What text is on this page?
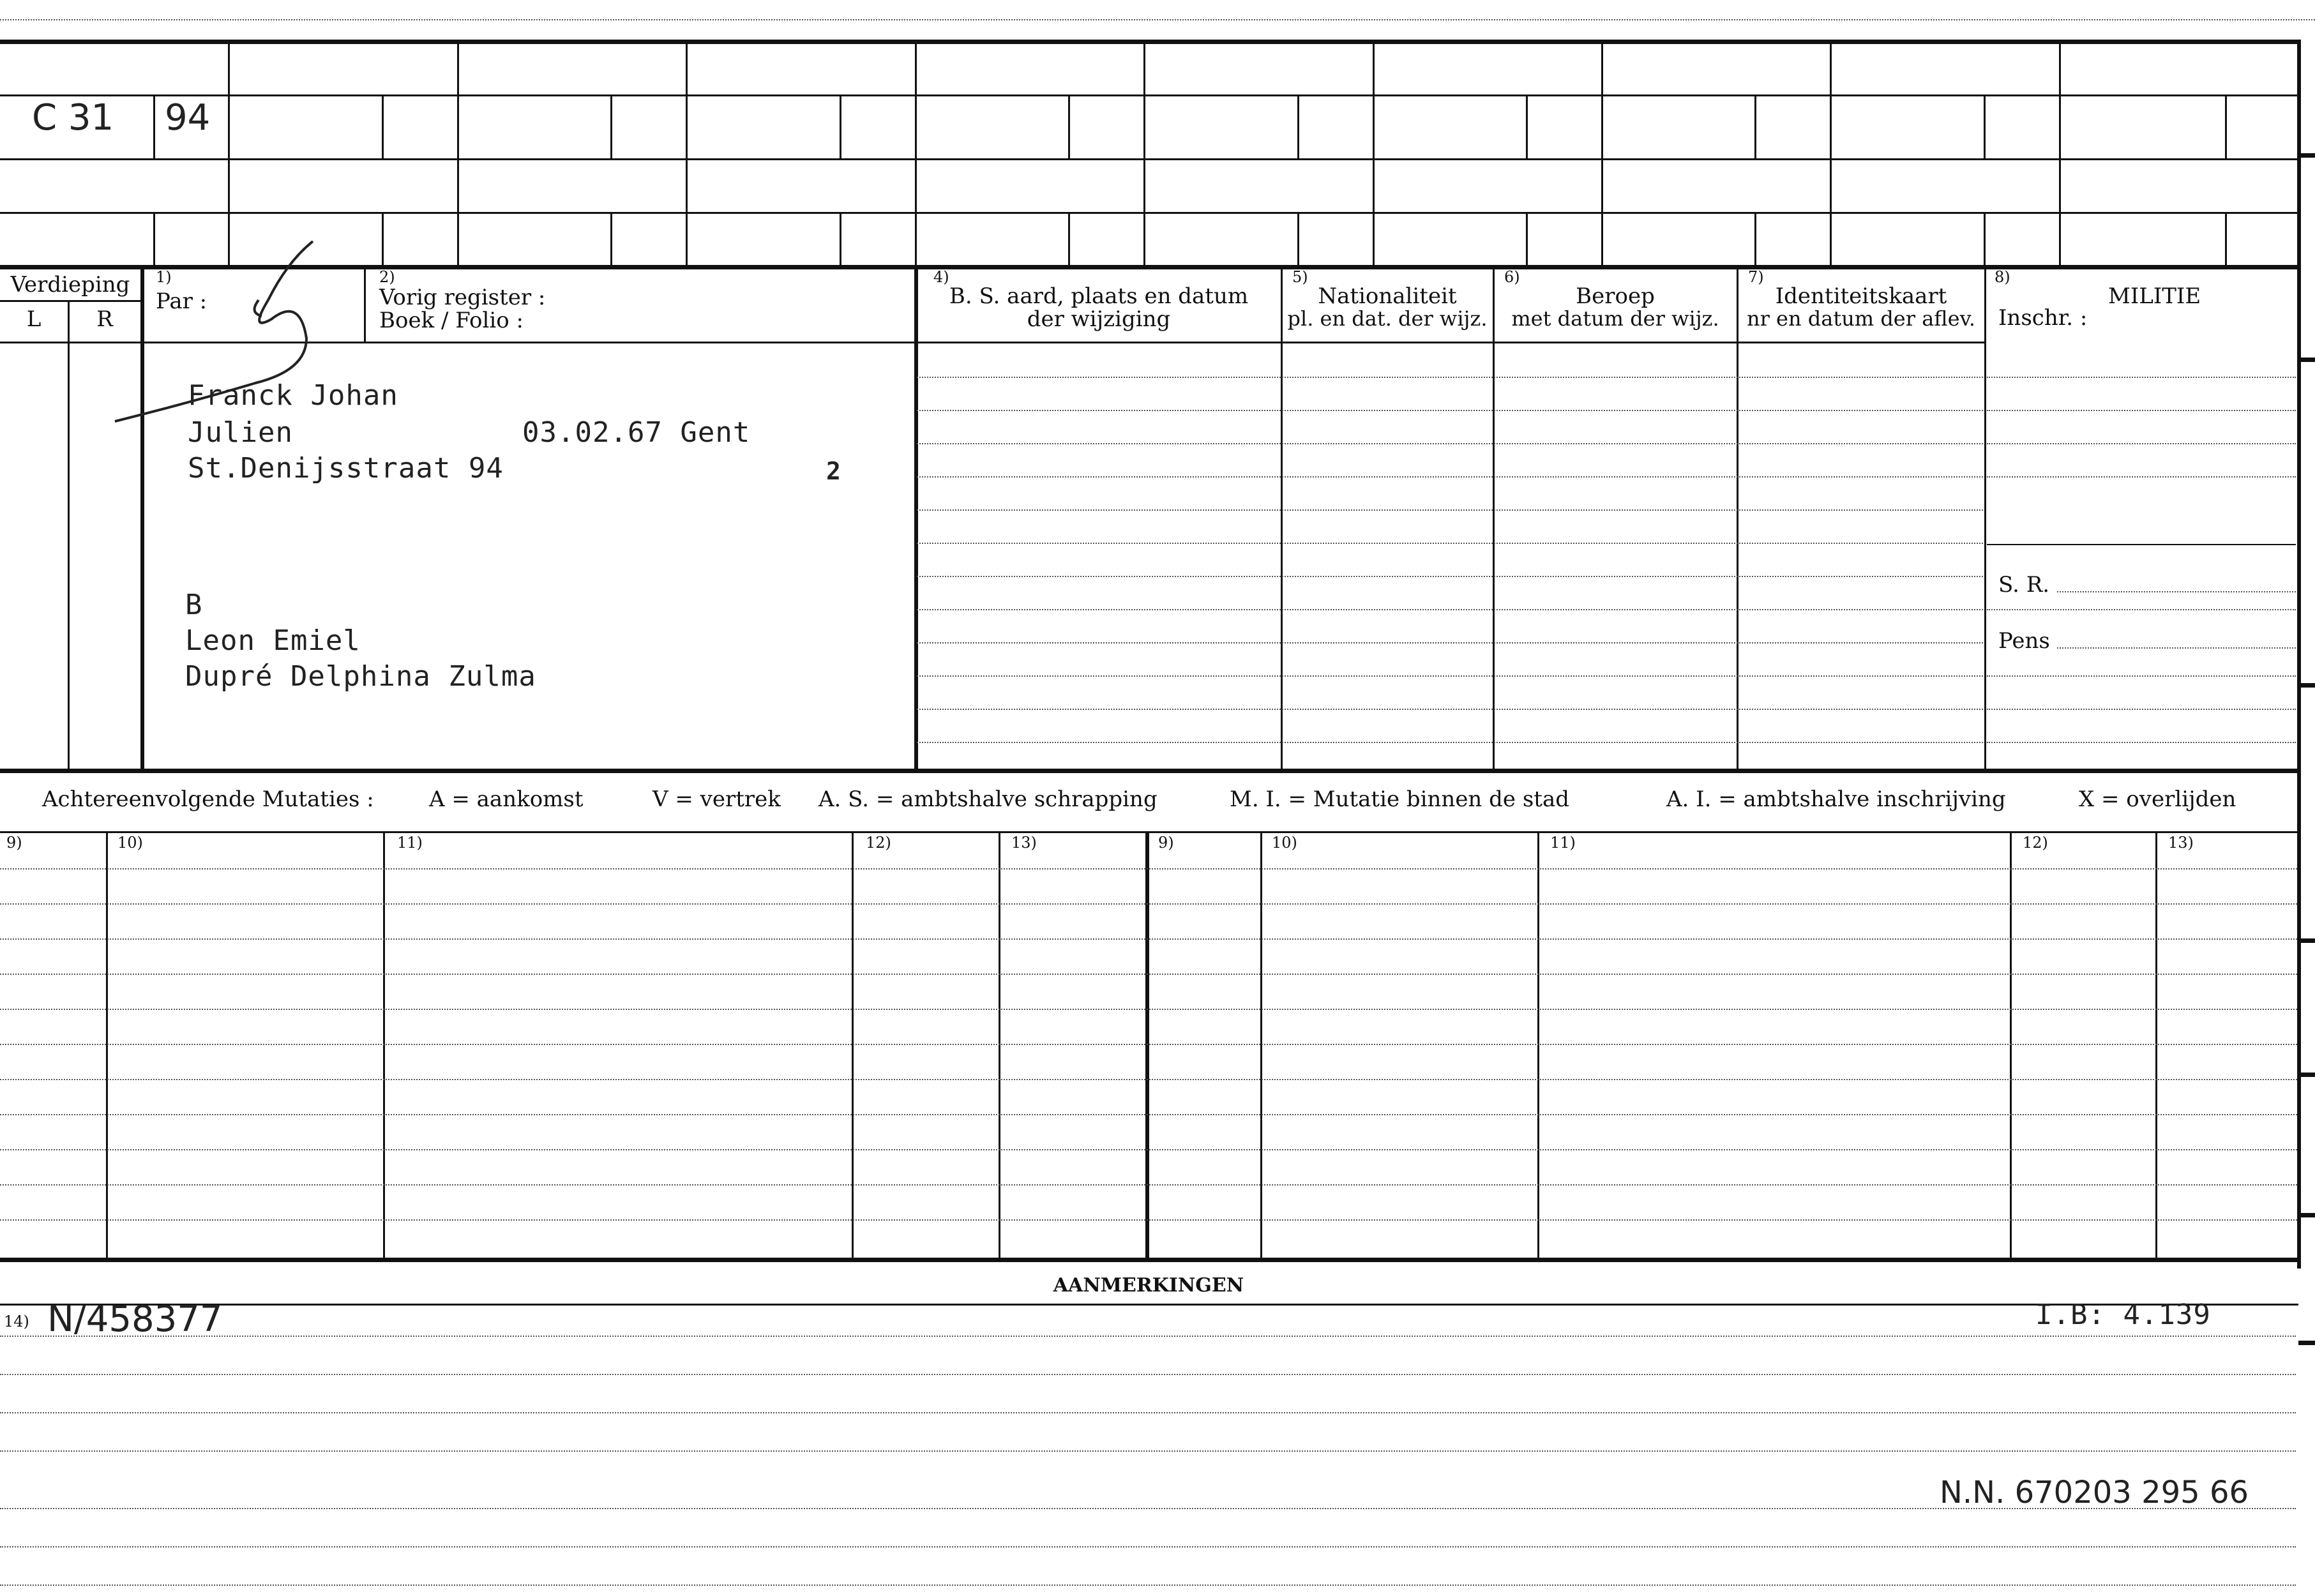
C 31 94
Verdieping
L	R
1)
Par :
2)
Vorig register :
Boek / Folio :
4)
B. S. aard, plaats en datum
der wijziging
5)
Nationaliteit
pl. en dat. der wijz.
6)
Beroep
met datum der wijz.
7)
Identiteitskaart
nr en datum der aflev.
8)
MILITIE
Inschr. :
S. R.
Pens
Franck Johan
Julien	03.02.67 Gent
St.Denijsstraat 94	2
B
Leon Emiel
Dupré Delphina Zulma
Achtereenvolgende Mutaties :	A = aankomst	V = vertrek A. S. = ambtshalve schrapping	M. I. = Mutatie binnen de stad	A. I. = ambtshalve inschrijving	X = overlijden
9)	10)	11)	12)	13)	9)	10)	11)	12)	13)
AANMERKINGEN
14) N/458377	I.B: 4.139
N.N. 670203 295 66
